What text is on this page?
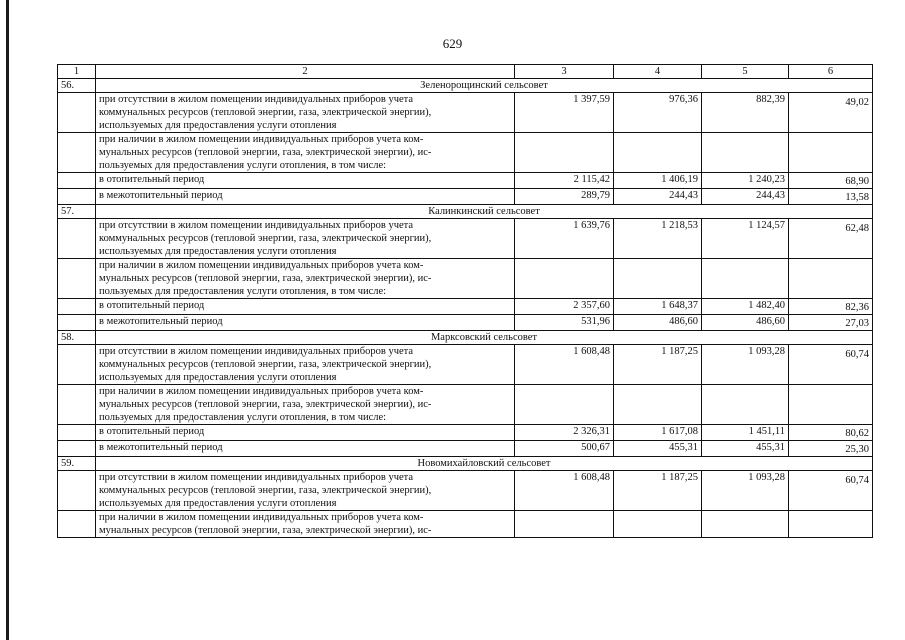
629
1	2	3	4	5	6
56.	Зеленорощинский сельсовет				

	при отсутствии в жилом помещении индивидуальных приборов учета
коммунальных ресурсов (тепловой энергии, газа, электрической энергии),
используемых для предоставления услуги отопления	1 397,59	976,36	882,39	49,02

	при наличии в жилом помещении индивидуальных приборов учета ком-
мунальных ресурсов (тепловой энергии, газа, электрической энергии), ис-
пользуемых для предоставления услуги отопления, в том числе:				

	в отопительный период	2 115,42	1 406,19	1 240,23	68,90
	в межотопительный период	289,79	244,43	244,43	13,58
57.	Калинкинский сельсовет				

	при отсутствии в жилом помещении индивидуальных приборов учета
коммунальных ресурсов (тепловой энергии, газа, электрической энергии),
используемых для предоставления услуги отопления	1 639,76	1 218,53	1 124,57	62,48

	при наличии в жилом помещении индивидуальных приборов учета ком-
мунальных ресурсов (тепловой энергии, газа, электрической энергии), ис-
пользуемых для предоставления услуги отопления, в том числе:				

	в отопительный период	2 357,60	1 648,37	1 482,40	82,36
	в межотопительный период	531,96	486,60	486,60	27,03
58.	Марксовский сельсовет				

	при отсутствии в жилом помещении индивидуальных приборов учета
коммунальных ресурсов (тепловой энергии, газа, электрической энергии),
используемых для предоставления услуги отопления	1 608,48	1 187,25	1 093,28	60,74

	при наличии в жилом помещении индивидуальных приборов учета ком-
мунальных ресурсов (тепловой энергии, газа, электрической энергии), ис-
пользуемых для предоставления услуги отопления, в том числе:				

	в отопительный период	2 326,31	1 617,08	1 451,11	80,62
	в межотопительный период	500,67	455,31	455,31	25,30
59.	Новомихайловский сельсовет				

	при отсутствии в жилом помещении индивидуальных приборов учета
коммунальных ресурсов (тепловой энергии, газа, электрической энергии),
используемых для предоставления услуги отопления	1 608,48	1 187,25	1 093,28	60,74

	при наличии в жилом помещении индивидуальных приборов учета ком-
мунальных ресурсов (тепловой энергии, газа, электрической энергии), ис-				
